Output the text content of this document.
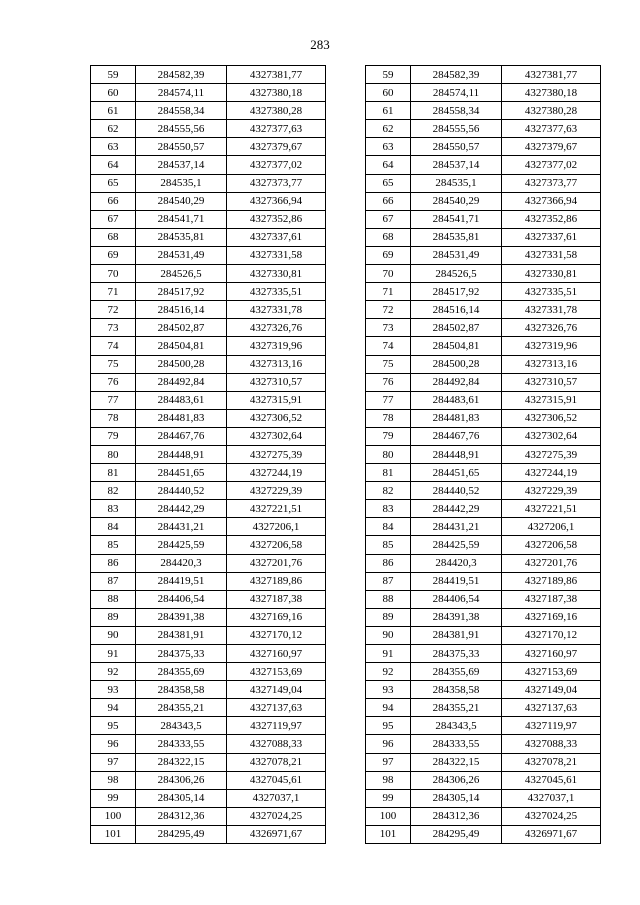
283
59	284582,39	4327381,77
60	284574,11	4327380,18
61	284558,34	4327380,28
62	284555,56	4327377,63
63	284550,57	4327379,67
64	284537,14	4327377,02
65	284535,1	4327373,77
66	284540,29	4327366,94
67	284541,71	4327352,86
68	284535,81	4327337,61
69	284531,49	4327331,58
70	284526,5	4327330,81
71	284517,92	4327335,51
72	284516,14	4327331,78
73	284502,87	4327326,76
74	284504,81	4327319,96
75	284500,28	4327313,16
76	284492,84	4327310,57
77	284483,61	4327315,91
78	284481,83	4327306,52
79	284467,76	4327302,64
80	284448,91	4327275,39
81	284451,65	4327244,19
82	284440,52	4327229,39
83	284442,29	4327221,51
84	284431,21	4327206,1
85	284425,59	4327206,58
86	284420,3	4327201,76
87	284419,51	4327189,86
88	284406,54	4327187,38
89	284391,38	4327169,16
90	284381,91	4327170,12
91	284375,33	4327160,97
92	284355,69	4327153,69
93	284358,58	4327149,04
94	284355,21	4327137,63
95	284343,5	4327119,97
96	284333,55	4327088,33
97	284322,15	4327078,21
98	284306,26	4327045,61
99	284305,14	4327037,1
100	284312,36	4327024,25
101	284295,49	4326971,67
59	284582,39	4327381,77
60	284574,11	4327380,18
61	284558,34	4327380,28
62	284555,56	4327377,63
63	284550,57	4327379,67
64	284537,14	4327377,02
65	284535,1	4327373,77
66	284540,29	4327366,94
67	284541,71	4327352,86
68	284535,81	4327337,61
69	284531,49	4327331,58
70	284526,5	4327330,81
71	284517,92	4327335,51
72	284516,14	4327331,78
73	284502,87	4327326,76
74	284504,81	4327319,96
75	284500,28	4327313,16
76	284492,84	4327310,57
77	284483,61	4327315,91
78	284481,83	4327306,52
79	284467,76	4327302,64
80	284448,91	4327275,39
81	284451,65	4327244,19
82	284440,52	4327229,39
83	284442,29	4327221,51
84	284431,21	4327206,1
85	284425,59	4327206,58
86	284420,3	4327201,76
87	284419,51	4327189,86
88	284406,54	4327187,38
89	284391,38	4327169,16
90	284381,91	4327170,12
91	284375,33	4327160,97
92	284355,69	4327153,69
93	284358,58	4327149,04
94	284355,21	4327137,63
95	284343,5	4327119,97
96	284333,55	4327088,33
97	284322,15	4327078,21
98	284306,26	4327045,61
99	284305,14	4327037,1
100	284312,36	4327024,25
101	284295,49	4326971,67
